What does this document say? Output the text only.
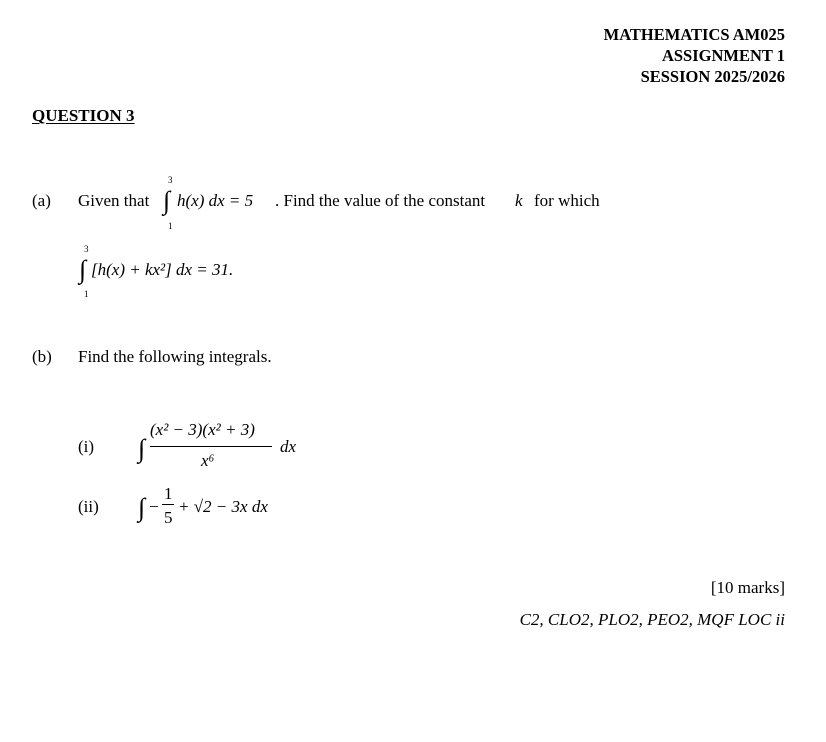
MATHEMATICS AM025
ASSIGNMENT 1
SESSION 2025/2026
QUESTION 3
(a) Given that
3
∫
1
h(x) dx = 5 . Find the value of the constant k for which
3
∫
1
[h(x) + kx²] dx = 31.
(b) Find the following integrals.
(i) ∫
(x² − 3)(x² + 3)
x⁶
dx
(ii) ∫ −
1
5
+ √2 − 3x dx
[10 marks]
C2, CLO2, PLO2, PEO2, MQF LOC ii
